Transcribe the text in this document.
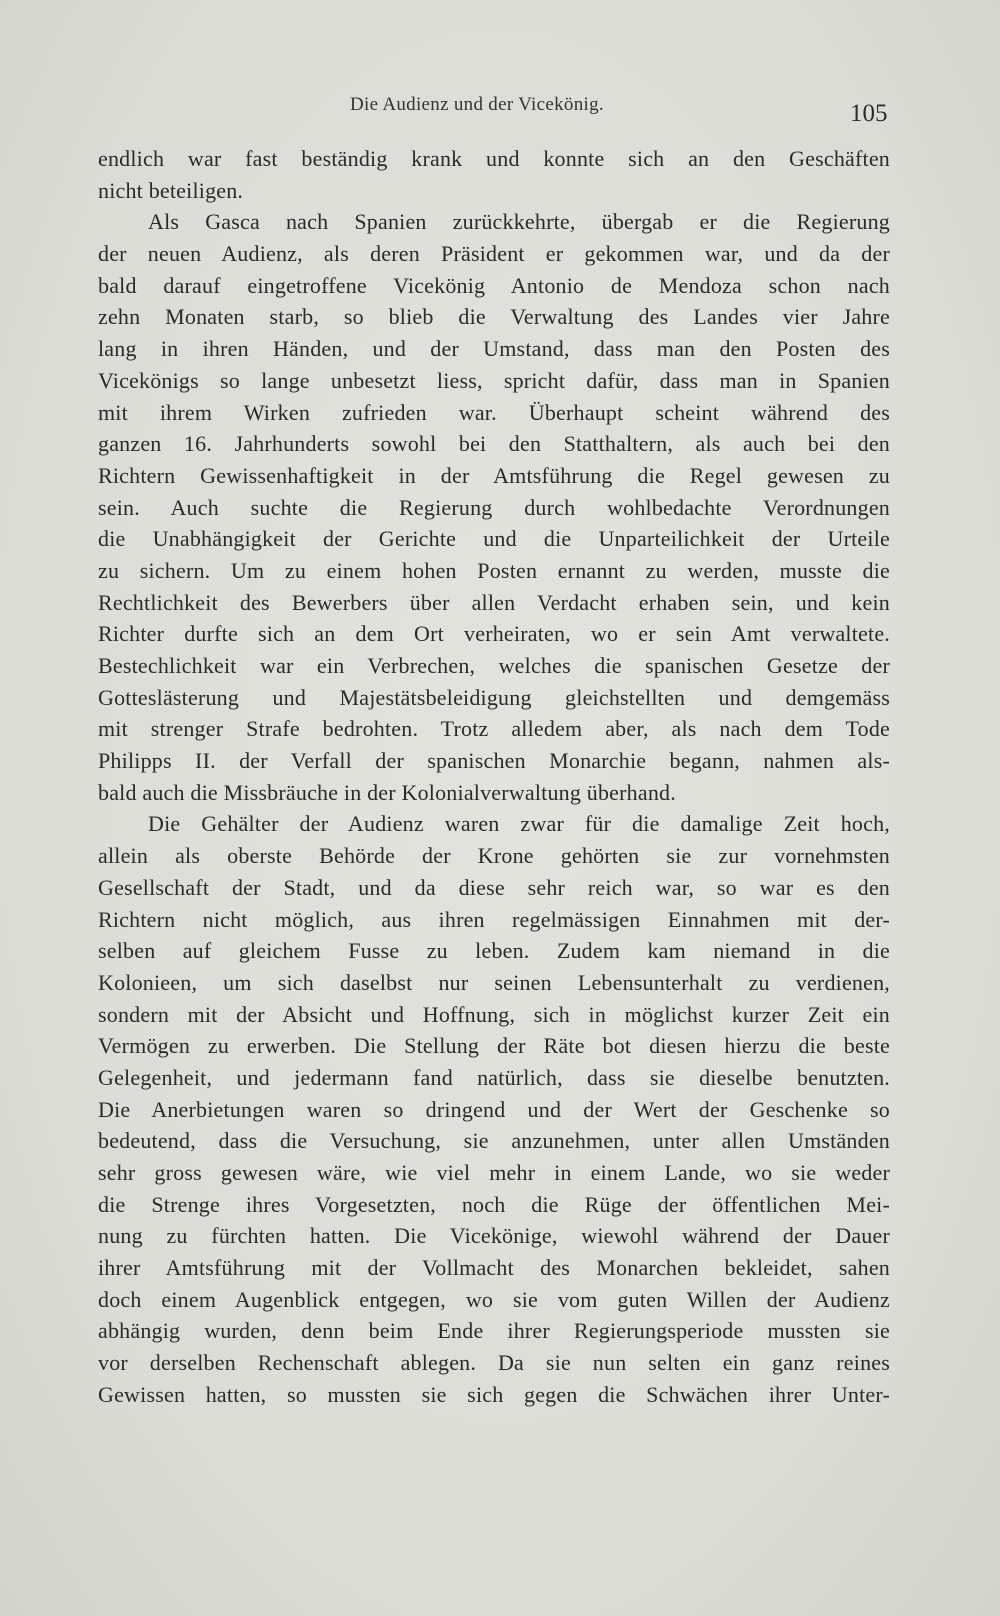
Die Audienz und der Vicekönig.	105
endlich war fast beständig krank und konnte sich an den Geschäften
nicht beteiligen.
Als Gasca nach Spanien zurückkehrte, übergab er die Regierung
der neuen Audienz, als deren Präsident er gekommen war, und da der
bald darauf eingetroffene Vicekönig Antonio de Mendoza schon nach
zehn Monaten starb, so blieb die Verwaltung des Landes vier Jahre
lang in ihren Händen, und der Umstand, dass man den Posten des
Vicekönigs so lange unbesetzt liess, spricht dafür, dass man in Spanien
mit ihrem Wirken zufrieden war. Überhaupt scheint während des
ganzen 16. Jahrhunderts sowohl bei den Statthaltern, als auch bei den
Richtern Gewissenhaftigkeit in der Amtsführung die Regel gewesen zu
sein. Auch suchte die Regierung durch wohlbedachte Verordnungen
die Unabhängigkeit der Gerichte und die Unparteilichkeit der Urteile
zu sichern. Um zu einem hohen Posten ernannt zu werden, musste die
Rechtlichkeit des Bewerbers über allen Verdacht erhaben sein, und kein
Richter durfte sich an dem Ort verheiraten, wo er sein Amt verwaltete.
Bestechlichkeit war ein Verbrechen, welches die spanischen Gesetze der
Gotteslästerung und Majestätsbeleidigung gleichstellten und demgemäss
mit strenger Strafe bedrohten. Trotz alledem aber, als nach dem Tode
Philipps II. der Verfall der spanischen Monarchie begann, nahmen als-
bald auch die Missbräuche in der Kolonialverwaltung überhand.
Die Gehälter der Audienz waren zwar für die damalige Zeit hoch,
allein als oberste Behörde der Krone gehörten sie zur vornehmsten
Gesellschaft der Stadt, und da diese sehr reich war, so war es den
Richtern nicht möglich, aus ihren regelmässigen Einnahmen mit der-
selben auf gleichem Fusse zu leben. Zudem kam niemand in die
Kolonieen, um sich daselbst nur seinen Lebensunterhalt zu verdienen,
sondern mit der Absicht und Hoffnung, sich in möglichst kurzer Zeit ein
Vermögen zu erwerben. Die Stellung der Räte bot diesen hierzu die beste
Gelegenheit, und jedermann fand natürlich, dass sie dieselbe benutzten.
Die Anerbietungen waren so dringend und der Wert der Geschenke so
bedeutend, dass die Versuchung, sie anzunehmen, unter allen Umständen
sehr gross gewesen wäre, wie viel mehr in einem Lande, wo sie weder
die Strenge ihres Vorgesetzten, noch die Rüge der öffentlichen Mei-
nung zu fürchten hatten. Die Vicekönige, wiewohl während der Dauer
ihrer Amtsführung mit der Vollmacht des Monarchen bekleidet, sahen
doch einem Augenblick entgegen, wo sie vom guten Willen der Audienz
abhängig wurden, denn beim Ende ihrer Regierungsperiode mussten sie
vor derselben Rechenschaft ablegen. Da sie nun selten ein ganz reines
Gewissen hatten, so mussten sie sich gegen die Schwächen ihrer Unter-
